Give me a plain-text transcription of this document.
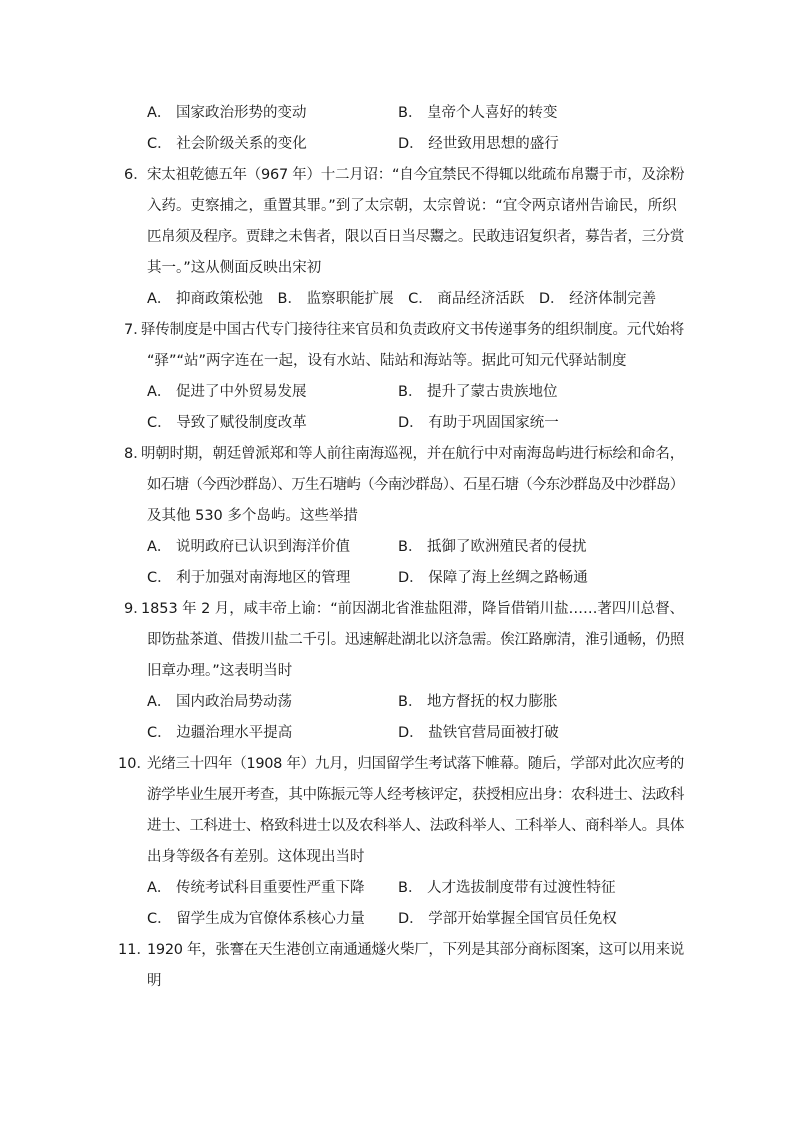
A． 国家政治形势的变动	B． 皇帝个人喜好的转变
C． 社会阶级关系的变化	D． 经世致用思想的盛行
6． 宋太祖乾德五年（967 年）十二月诏：“自今宜禁民不得辄以纰疏布帛鬻于市，及涂粉
入药。吏察捕之，重置其罪。”到了太宗朝，太宗曾说：“宜令两京诸州告谕民，所织
匹帛须及程序。贾肆之未售者，限以百日当尽鬻之。民敢违诏复织者，募告者，三分赏
其一。”这从侧面反映出宋初
A． 抑商政策松弛　B． 监察职能扩展　C． 商品经济活跃　D． 经济体制完善
7．
驿传制度是中国古代专门接待往来官员和负责政府文书传递事务的组织制度。元代始将
“驿”“站”两字连在一起，设有水站、陆站和海站等。据此可知元代驿站制度
A． 促进了中外贸易发展	B． 提升了蒙古贵族地位
C． 导致了赋役制度改革	D． 有助于巩固国家统一
8．
明朝时期，朝廷曾派郑和等人前往南海巡视，并在航行中对南海岛屿进行标绘和命名，
如石塘（今西沙群岛）、万生石塘屿（今南沙群岛）、石星石塘（今东沙群岛及中沙群岛）
及其他 530 多个岛屿。这些举措
A． 说明政府已认识到海洋价值	B． 抵御了欧洲殖民者的侵扰
C． 利于加强对南海地区的管理	D． 保障了海上丝绸之路畅通
9．
1853 年 2 月，咸丰帝上谕：“前因湖北省淮盐阻滞，降旨借销川盐……著四川总督、
即饬盐茶道、借拨川盐二千引。迅速解赴湖北以济急需。俟江路廓清，淮引通畅，仍照
旧章办理。”这表明当时
A． 国内政治局势动荡	B． 地方督抚的权力膨胀
C． 边疆治理水平提高	D． 盐铁官营局面被打破
10．
光绪三十四年（1908 年）九月，归国留学生考试落下帷幕。随后，学部对此次应考的
游学毕业生展开考查，其中陈振元等人经考核评定，获授相应出身：农科进士、法政科
进士、工科进士、格致科进士以及农科举人、法政科举人、工科举人、商科举人。具体
出身等级各有差别。这体现出当时
A． 传统考试科目重要性严重下降 B． 人才选拔制度带有过渡性特征
C． 留学生成为官僚体系核心力量 D． 学部开始掌握全国官员任免权
11．
1920 年，张謇在天生港创立南通通燧火柴厂，下列是其部分商标图案，这可以用来说
明
